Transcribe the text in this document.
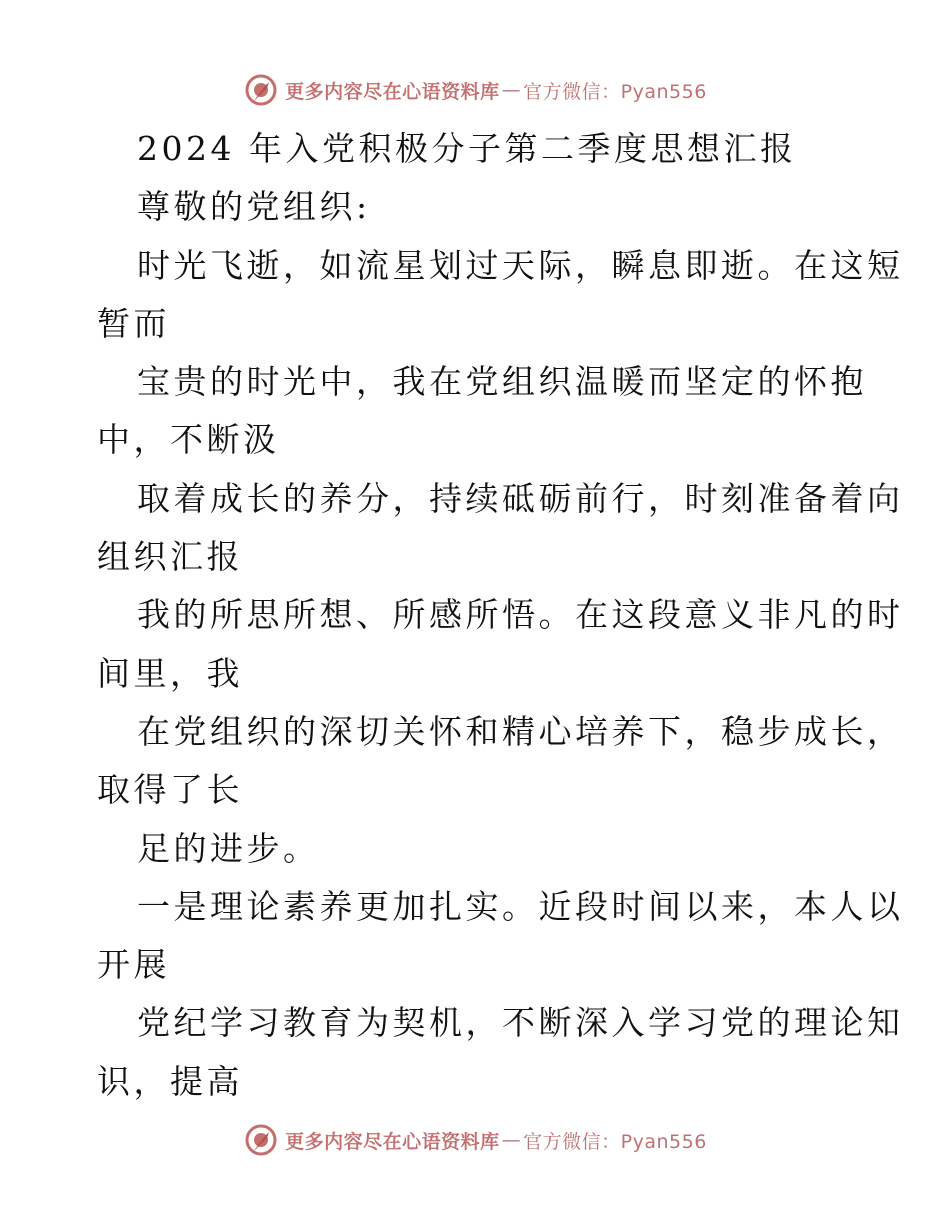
更多内容尽在心语资料库 — 官方微信：Pyan556
2024 年入党积极分子第二季度思想汇报
尊敬的党组织:
时光飞逝，如流星划过天际，瞬息即逝。在这短
暂而
宝贵的时光中，我在党组织温暖而坚定的怀抱
中，不断汲
取着成长的养分，持续砥砺前行，时刻准备着向
组织汇报
我的所思所想、所感所悟。在这段意义非凡的时
间里，我
在党组织的深切关怀和精心培养下，稳步成长，
取得了长
足的进步。
一是理论素养更加扎实。近段时间以来，本人以
开展
党纪学习教育为契机，不断深入学习党的理论知
识，提高
更多内容尽在心语资料库 — 官方微信：Pyan556
